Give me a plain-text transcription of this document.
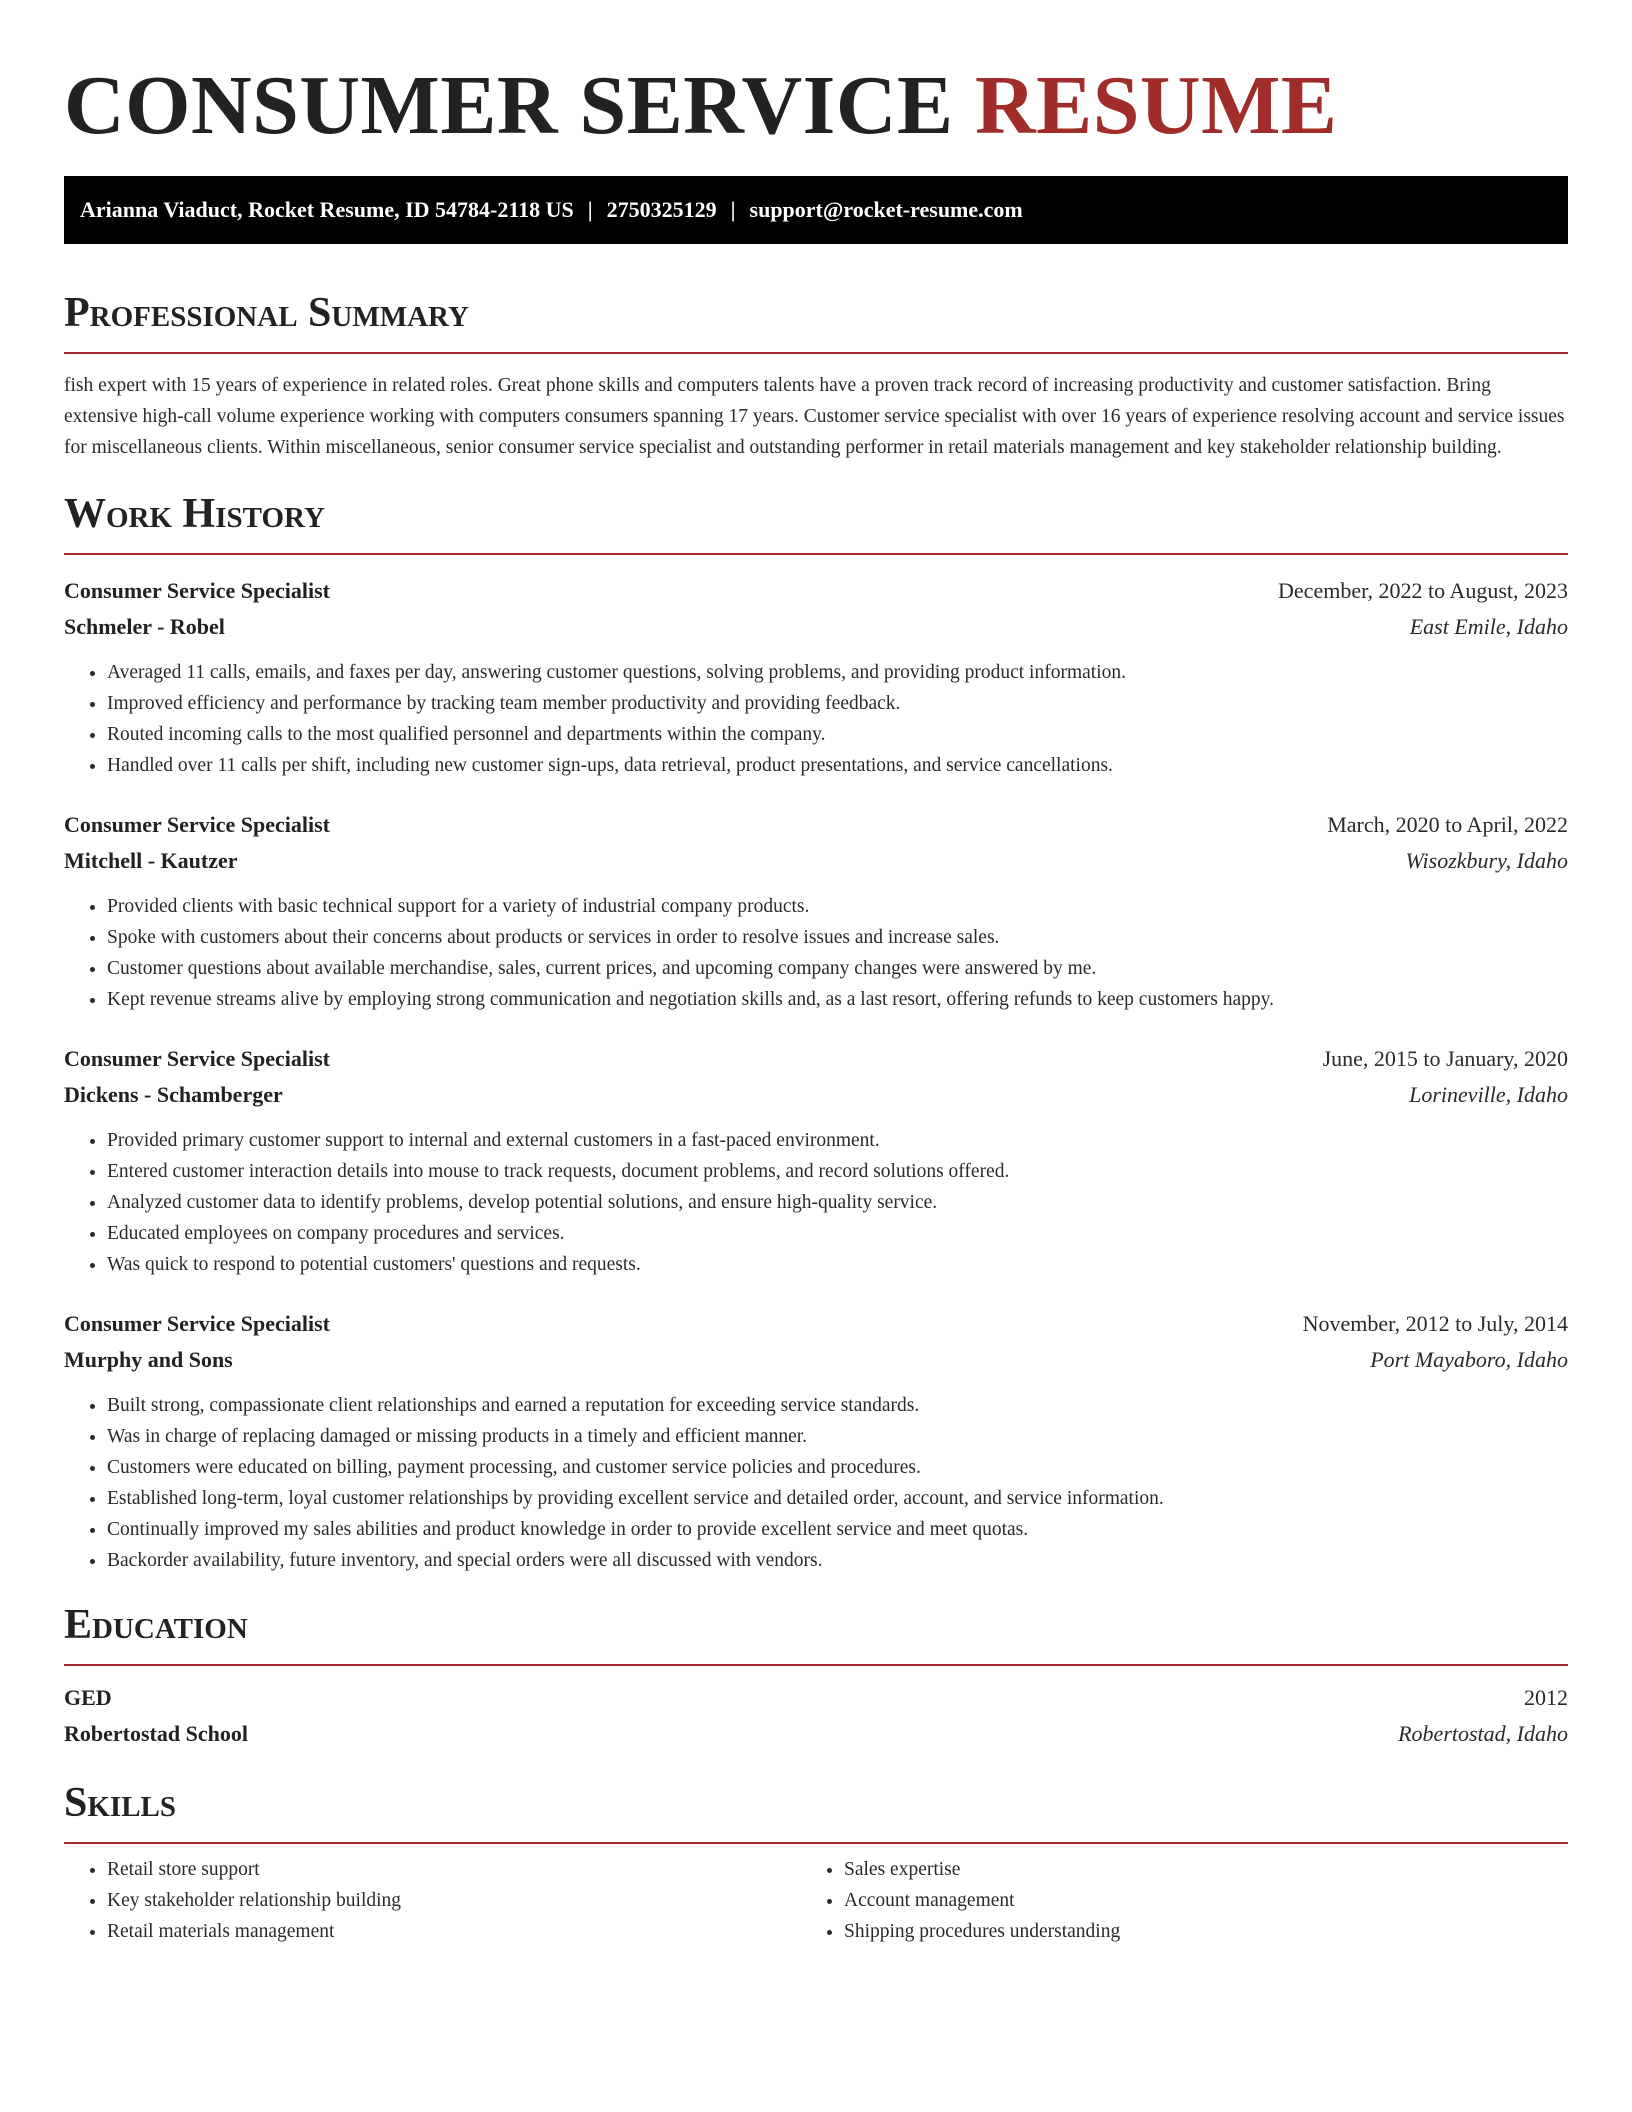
CONSUMER SERVICE RESUME
Arianna Viaduct, Rocket Resume, ID 54784-2118 US | 2750325129 | support@rocket-resume.com
Professional Summary
fish expert with 15 years of experience in related roles. Great phone skills and computers talents have a proven track record of increasing productivity and customer satisfaction. Bring extensive high-call volume experience working with computers consumers spanning 17 years. Customer service specialist with over 16 years of experience resolving account and service issues for miscellaneous clients. Within miscellaneous, senior consumer service specialist and outstanding performer in retail materials management and key stakeholder relationship building.
Work History
Consumer Service Specialist	December, 2022 to August, 2023
Schmeler - Robel	East Emile, Idaho
• Averaged 11 calls, emails, and faxes per day, answering customer questions, solving problems, and providing product information.
• Improved efficiency and performance by tracking team member productivity and providing feedback.
• Routed incoming calls to the most qualified personnel and departments within the company.
• Handled over 11 calls per shift, including new customer sign-ups, data retrieval, product presentations, and service cancellations.
Consumer Service Specialist	March, 2020 to April, 2022
Mitchell - Kautzer	Wisozkbury, Idaho
• Provided clients with basic technical support for a variety of industrial company products.
• Spoke with customers about their concerns about products or services in order to resolve issues and increase sales.
• Customer questions about available merchandise, sales, current prices, and upcoming company changes were answered by me.
• Kept revenue streams alive by employing strong communication and negotiation skills and, as a last resort, offering refunds to keep customers happy.
Consumer Service Specialist	June, 2015 to January, 2020
Dickens - Schamberger	Lorineville, Idaho
• Provided primary customer support to internal and external customers in a fast-paced environment.
• Entered customer interaction details into mouse to track requests, document problems, and record solutions offered.
• Analyzed customer data to identify problems, develop potential solutions, and ensure high-quality service.
• Educated employees on company procedures and services.
• Was quick to respond to potential customers' questions and requests.
Consumer Service Specialist	November, 2012 to July, 2014
Murphy and Sons	Port Mayaboro, Idaho
• Built strong, compassionate client relationships and earned a reputation for exceeding service standards.
• Was in charge of replacing damaged or missing products in a timely and efficient manner.
• Customers were educated on billing, payment processing, and customer service policies and procedures.
• Established long-term, loyal customer relationships by providing excellent service and detailed order, account, and service information.
• Continually improved my sales abilities and product knowledge in order to provide excellent service and meet quotas.
• Backorder availability, future inventory, and special orders were all discussed with vendors.
Education
GED	2012
Robertostad School	Robertostad, Idaho
Skills
• Retail store support
• Key stakeholder relationship building
• Retail materials management
• Sales expertise
• Account management
• Shipping procedures understanding
